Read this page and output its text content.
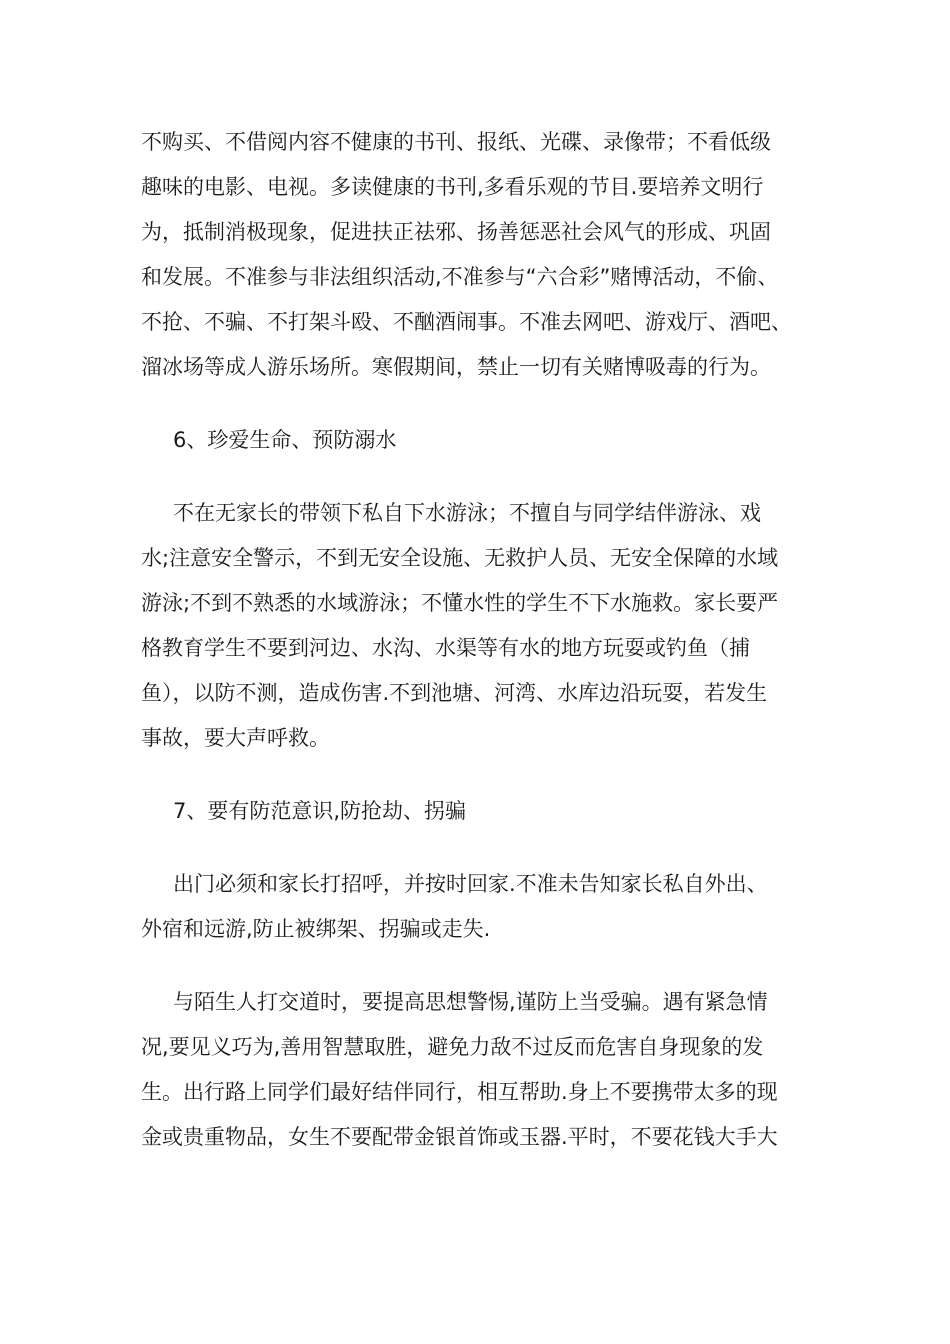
不购买、不借阅内容不健康的书刊、报纸、光碟、录像带；不看低级
趣味的电影、电视。多读健康的书刊,多看乐观的节目.要培养文明行
为，抵制消极现象，促进扶正祛邪、扬善惩恶社会风气的形成、巩固
和发展。不准参与非法组织活动,不准参与“六合彩”赌博活动，不偷、
不抢、不骗、不打架斗殴、不酗酒闹事。不准去网吧、游戏厅、酒吧、
溜冰场等成人游乐场所。寒假期间，禁止一切有关赌博吸毒的行为。
6、珍爱生命、预防溺水
不在无家长的带领下私自下水游泳；不擅自与同学结伴游泳、戏
水;注意安全警示，不到无安全设施、无救护人员、无安全保障的水域
游泳;不到不熟悉的水域游泳；不懂水性的学生不下水施救。家长要严
格教育学生不要到河边、水沟、水渠等有水的地方玩耍或钓鱼（捕
鱼），以防不测，造成伤害.不到池塘、河湾、水库边沿玩耍，若发生
事故，要大声呼救。
7、要有防范意识,防抢劫、拐骗
出门必须和家长打招呼，并按时回家.不准未告知家长私自外出、
外宿和远游,防止被绑架、拐骗或走失.
与陌生人打交道时，要提高思想警惕,谨防上当受骗。遇有紧急情
况,要见义巧为,善用智慧取胜，避免力敌不过反而危害自身现象的发
生。出行路上同学们最好结伴同行，相互帮助.身上不要携带太多的现
金或贵重物品，女生不要配带金银首饰或玉器.平时，不要花钱大手大
